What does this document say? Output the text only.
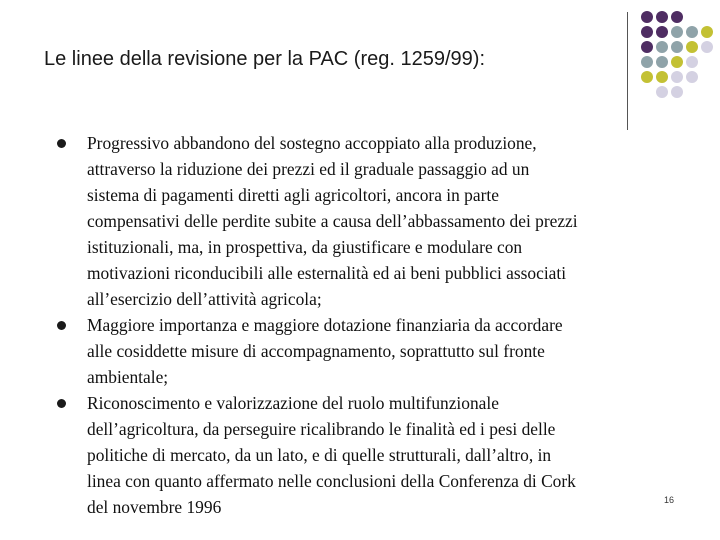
Le linee della revisione per la PAC (reg. 1259/99):
Progressivo abbandono del sostegno accoppiato alla produzione,
attraverso la riduzione dei prezzi ed il graduale passaggio ad un
sistema di pagamenti diretti agli agricoltori, ancora in parte
compensativi delle perdite subite a causa dell’abbassamento dei prezzi
istituzionali, ma, in prospettiva, da giustificare e modulare con
motivazioni riconducibili alle esternalità ed ai beni pubblici associati
all’esercizio dell’attività agricola;
Maggiore importanza e maggiore dotazione finanziaria da accordare
alle cosiddette misure di accompagnamento, soprattutto sul fronte
ambientale;
Riconoscimento e valorizzazione del ruolo multifunzionale
dell’agricoltura, da perseguire ricalibrando le finalità ed i pesi delle
politiche di mercato, da un lato, e di quelle strutturali, dall’altro, in
linea con quanto affermato nelle conclusioni della Conferenza di Cork
del novembre 1996	16
